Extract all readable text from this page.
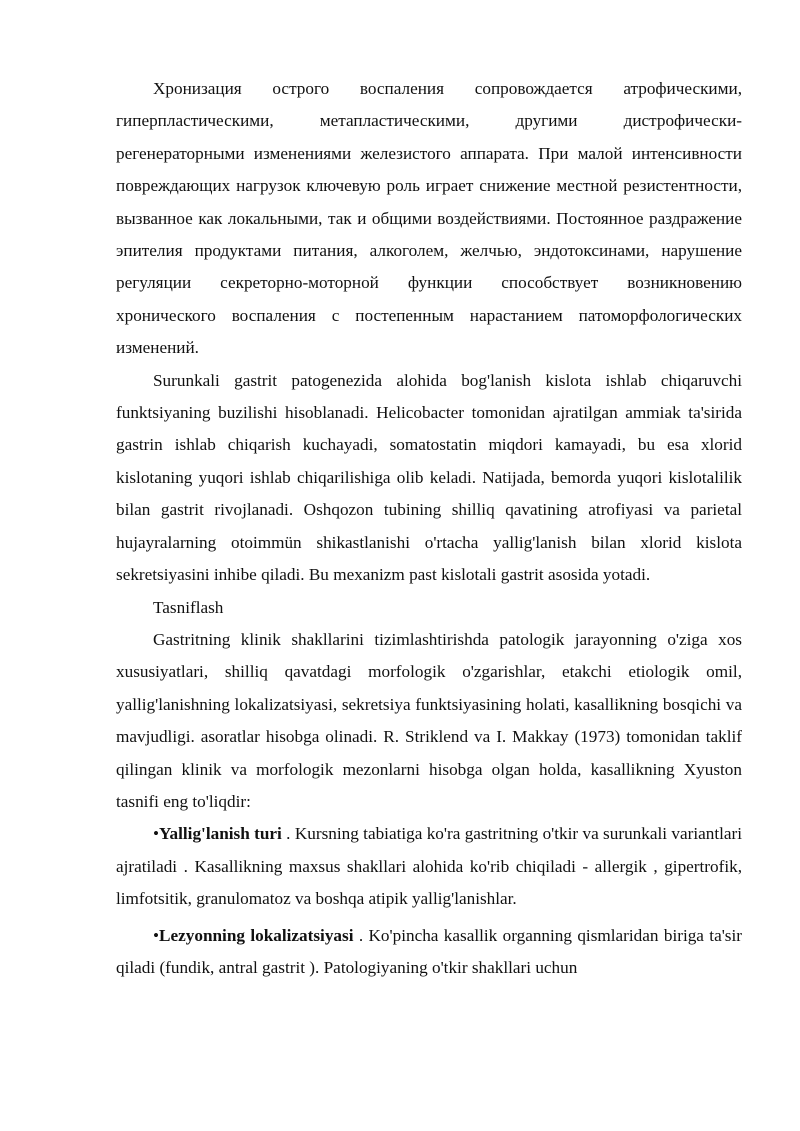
Хронизация острого воспаления сопровождается атрофическими, гиперпластическими, метапластическими, другими дистрофически-регенераторными изменениями железистого аппарата. При малой интенсивности повреждающих нагрузок ключевую роль играет снижение местной резистентности, вызванное как локальными, так и общими воздействиями. Постоянное раздражение эпителия продуктами питания, алкоголем, желчью, эндотоксинами, нарушение регуляции секреторно-моторной функции способствует возникновению хронического воспаления с постепенным нарастанием патоморфологических изменений.

Surunkali gastrit patogenezida alohida bog'lanish kislota ishlab chiqaruvchi funktsiyaning buzilishi hisoblanadi. Helicobacter tomonidan ajratilgan ammiak ta'sirida gastrin ishlab chiqarish kuchayadi, somatostatin miqdori kamayadi, bu esa xlorid kislotaning yuqori ishlab chiqarilishiga olib keladi. Natijada, bemorda yuqori kislotalilik bilan gastrit rivojlanadi. Oshqozon tubining shilliq qavatining atrofiyasi va parietal hujayralarning otoimmün shikastlanishi o'rtacha yallig'lanish bilan xlorid kislota sekretsiyasini inhibe qiladi. Bu mexanizm past kislotali gastrit asosida yotadi.

Tasniflash

Gastritning klinik shakllarini tizimlashtirishda patologik jarayonning o'ziga xos xususiyatlari, shilliq qavatdagi morfologik o'zgarishlar, etakchi etiologik omil, yallig'lanishning lokalizatsiyasi, sekretsiya funktsiyasining holati, kasallikning bosqichi va mavjudligi. asoratlar hisobga olinadi. R. Striklend va I. Makkay (1973) tomonidan taklif qilingan klinik va morfologik mezonlarni hisobga olgan holda, kasallikning Xyuston tasnifi eng to'liqdir:

•Yallig'lanish turi . Kursning tabiatiga ko'ra gastritning o'tkir va surunkali variantlari ajratiladi . Kasallikning maxsus shakllari alohida ko'rib chiqiladi - allergik , gipertrofik, limfotsitik, granulomatoz va boshqa atipik yallig'lanishlar.

•Lezyonning lokalizatsiyasi . Ko'pincha kasallik organning qismlaridan biriga ta'sir qiladi (fundik, antral gastrit ). Patologiyaning o'tkir shakllari uchun
